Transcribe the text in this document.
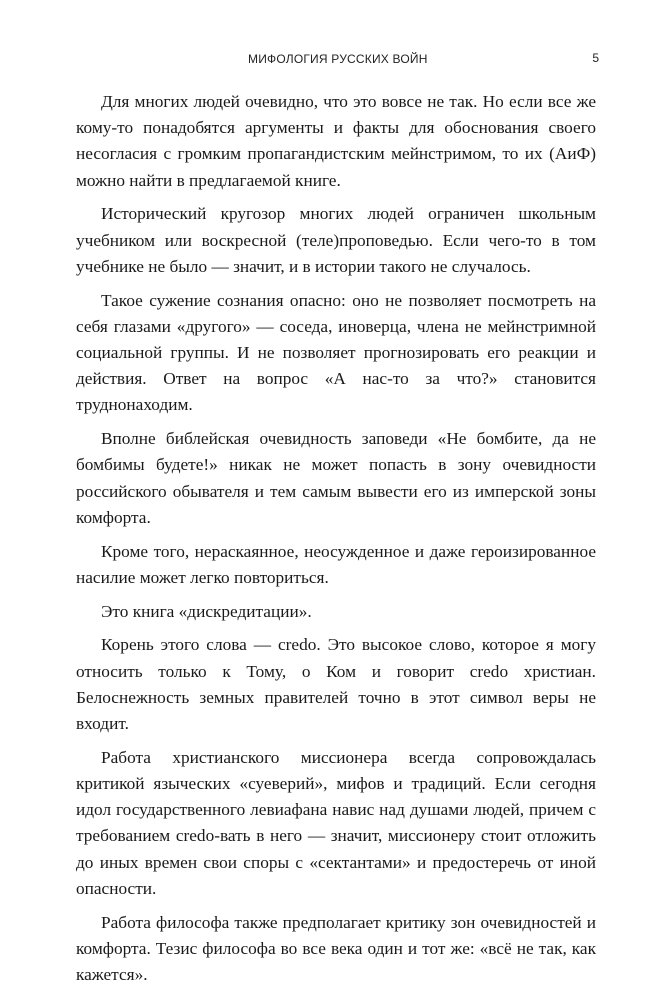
МИФОЛОГИЯ РУССКИХ ВОЙН	5

Для многих людей очевидно, что это вовсе не так. Но если все же кому-то понадобятся аргументы и факты для обоснования своего несогласия с громким пропагандистским мейнстримом, то их (АиФ) можно найти в предлагаемой книге.

Исторический кругозор многих людей ограничен школьным учебником или воскресной (теле)проповедью. Если чего-то в том учебнике не было — значит, и в истории такого не случалось.

Такое сужение сознания опасно: оно не позволяет посмотреть на себя глазами «другого» — соседа, иноверца, члена не мейнстримной социальной группы. И не позволяет прогнозировать его реакции и действия. Ответ на вопрос «А нас-то за что?» становится труднонаходим.

Вполне библейская очевидность заповеди «Не бомбите, да не бомбимы будете!» никак не может попасть в зону очевидности российского обывателя и тем самым вывести его из имперской зоны комфорта.

Кроме того, нераскаянное, неосужденное и даже героизированное насилие может легко повториться.

Это книга «дискредитации».

Корень этого слова — credo. Это высокое слово, которое я могу относить только к Тому, о Ком и говорит credo христиан. Белоснежность земных правителей точно в этот символ веры не входит.

Работа христианского миссионера всегда сопровождалась критикой языческих «суеверий», мифов и традиций. Если сегодня идол государственного левиафана навис над душами людей, причем с требованием credo-вать в него — значит, миссионеру стоит отложить до иных времен свои споры с «сектантами» и предостеречь от иной опасности.

Работа философа также предполагает критику зон очевидностей и комфорта. Тезис философа во все века один и тот же: «всё не так, как кажется».
